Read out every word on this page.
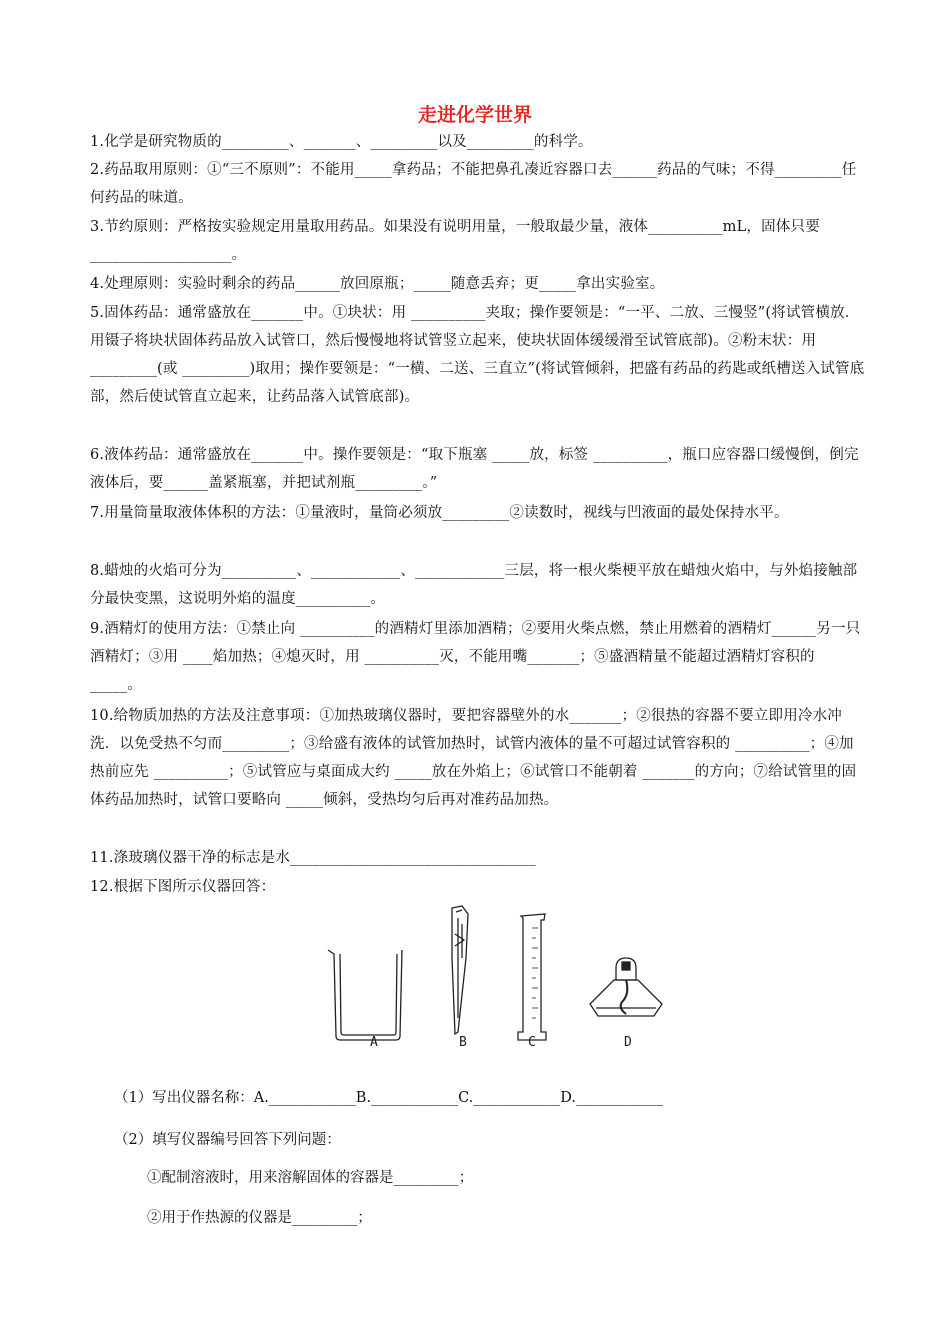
走进化学世界
1.化学是研究物质的_________、_______、_________以及_________的科学。
2.药品取用原则：①“三不原则”：不能用_____拿药品；不能把鼻孔凑近容器口去______药品的气味；不得_________任何药品的味道。
3.节约原则：严格按实验规定用量取用药品。如果没有说明用量，一般取最少量，液体__________mL，固体只要___________________。
4.处理原则：实验时剩余的药品______放回原瓶；_____随意丢弃；更_____拿出实验室。
5.固体药品：通常盛放在_______中。①块状：用 __________夹取；操作要领是：“一平、二放、三慢竖”(将试管横放．用镊子将块状固体药品放入试管口，然后慢慢地将试管竖立起来，使块状固体缓缓滑至试管底部)。②粉末状：用 _________(或 _________)取用；操作要领是：“一横、二送、三直立”(将试管倾斜，把盛有药品的药匙或纸槽送入试管底部，然后使试管直立起来，让药品落入试管底部)。
6.液体药品：通常盛放在_______中。操作要领是：“取下瓶塞 _____放，标签 __________，瓶口应容器口缓慢倒，倒完液体后，要______盖紧瓶塞，并把试剂瓶_________。”
7.用量筒量取液体体积的方法：①量液时，量筒必须放_________②读数时，视线与凹液面的最处保持水平。
8.蜡烛的火焰可分为__________、____________、____________三层，将一根火柴梗平放在蜡烛火焰中，与外焰接触部分最快变黑，这说明外焰的温度__________。
9.酒精灯的使用方法：①禁止向 __________的酒精灯里添加酒精；②要用火柴点燃，禁止用燃着的酒精灯______另一只酒精灯；③用 ____焰加热；④熄灭时，用 __________灭，不能用嘴_______；⑤盛酒精量不能超过酒精灯容积的_____。
10.给物质加热的方法及注意事项：①加热玻璃仪器时，要把容器壁外的水_______；②很热的容器不要立即用冷水冲洗．以免受热不匀而_________；③给盛有液体的试管加热时，试管内液体的量不可超过试管容积的 __________；④加热前应先 __________；⑤试管应与桌面成大约 _____放在外焰上；⑥试管口不能朝着 _______的方向；⑦给试管里的固体药品加热时，试管口要略向 _____倾斜，受热均匀后再对准药品加热。
11.涤玻璃仪器干净的标志是水_________________________________
12.根据下图所示仪器回答：
A	B	C	D
（1）写出仪器名称：A.____________B.____________C.____________D.____________
（2）填写仪器编号回答下列问题：
①配制溶液时，用来溶解固体的容器是_________；
②用于作热源的仪器是_________；
